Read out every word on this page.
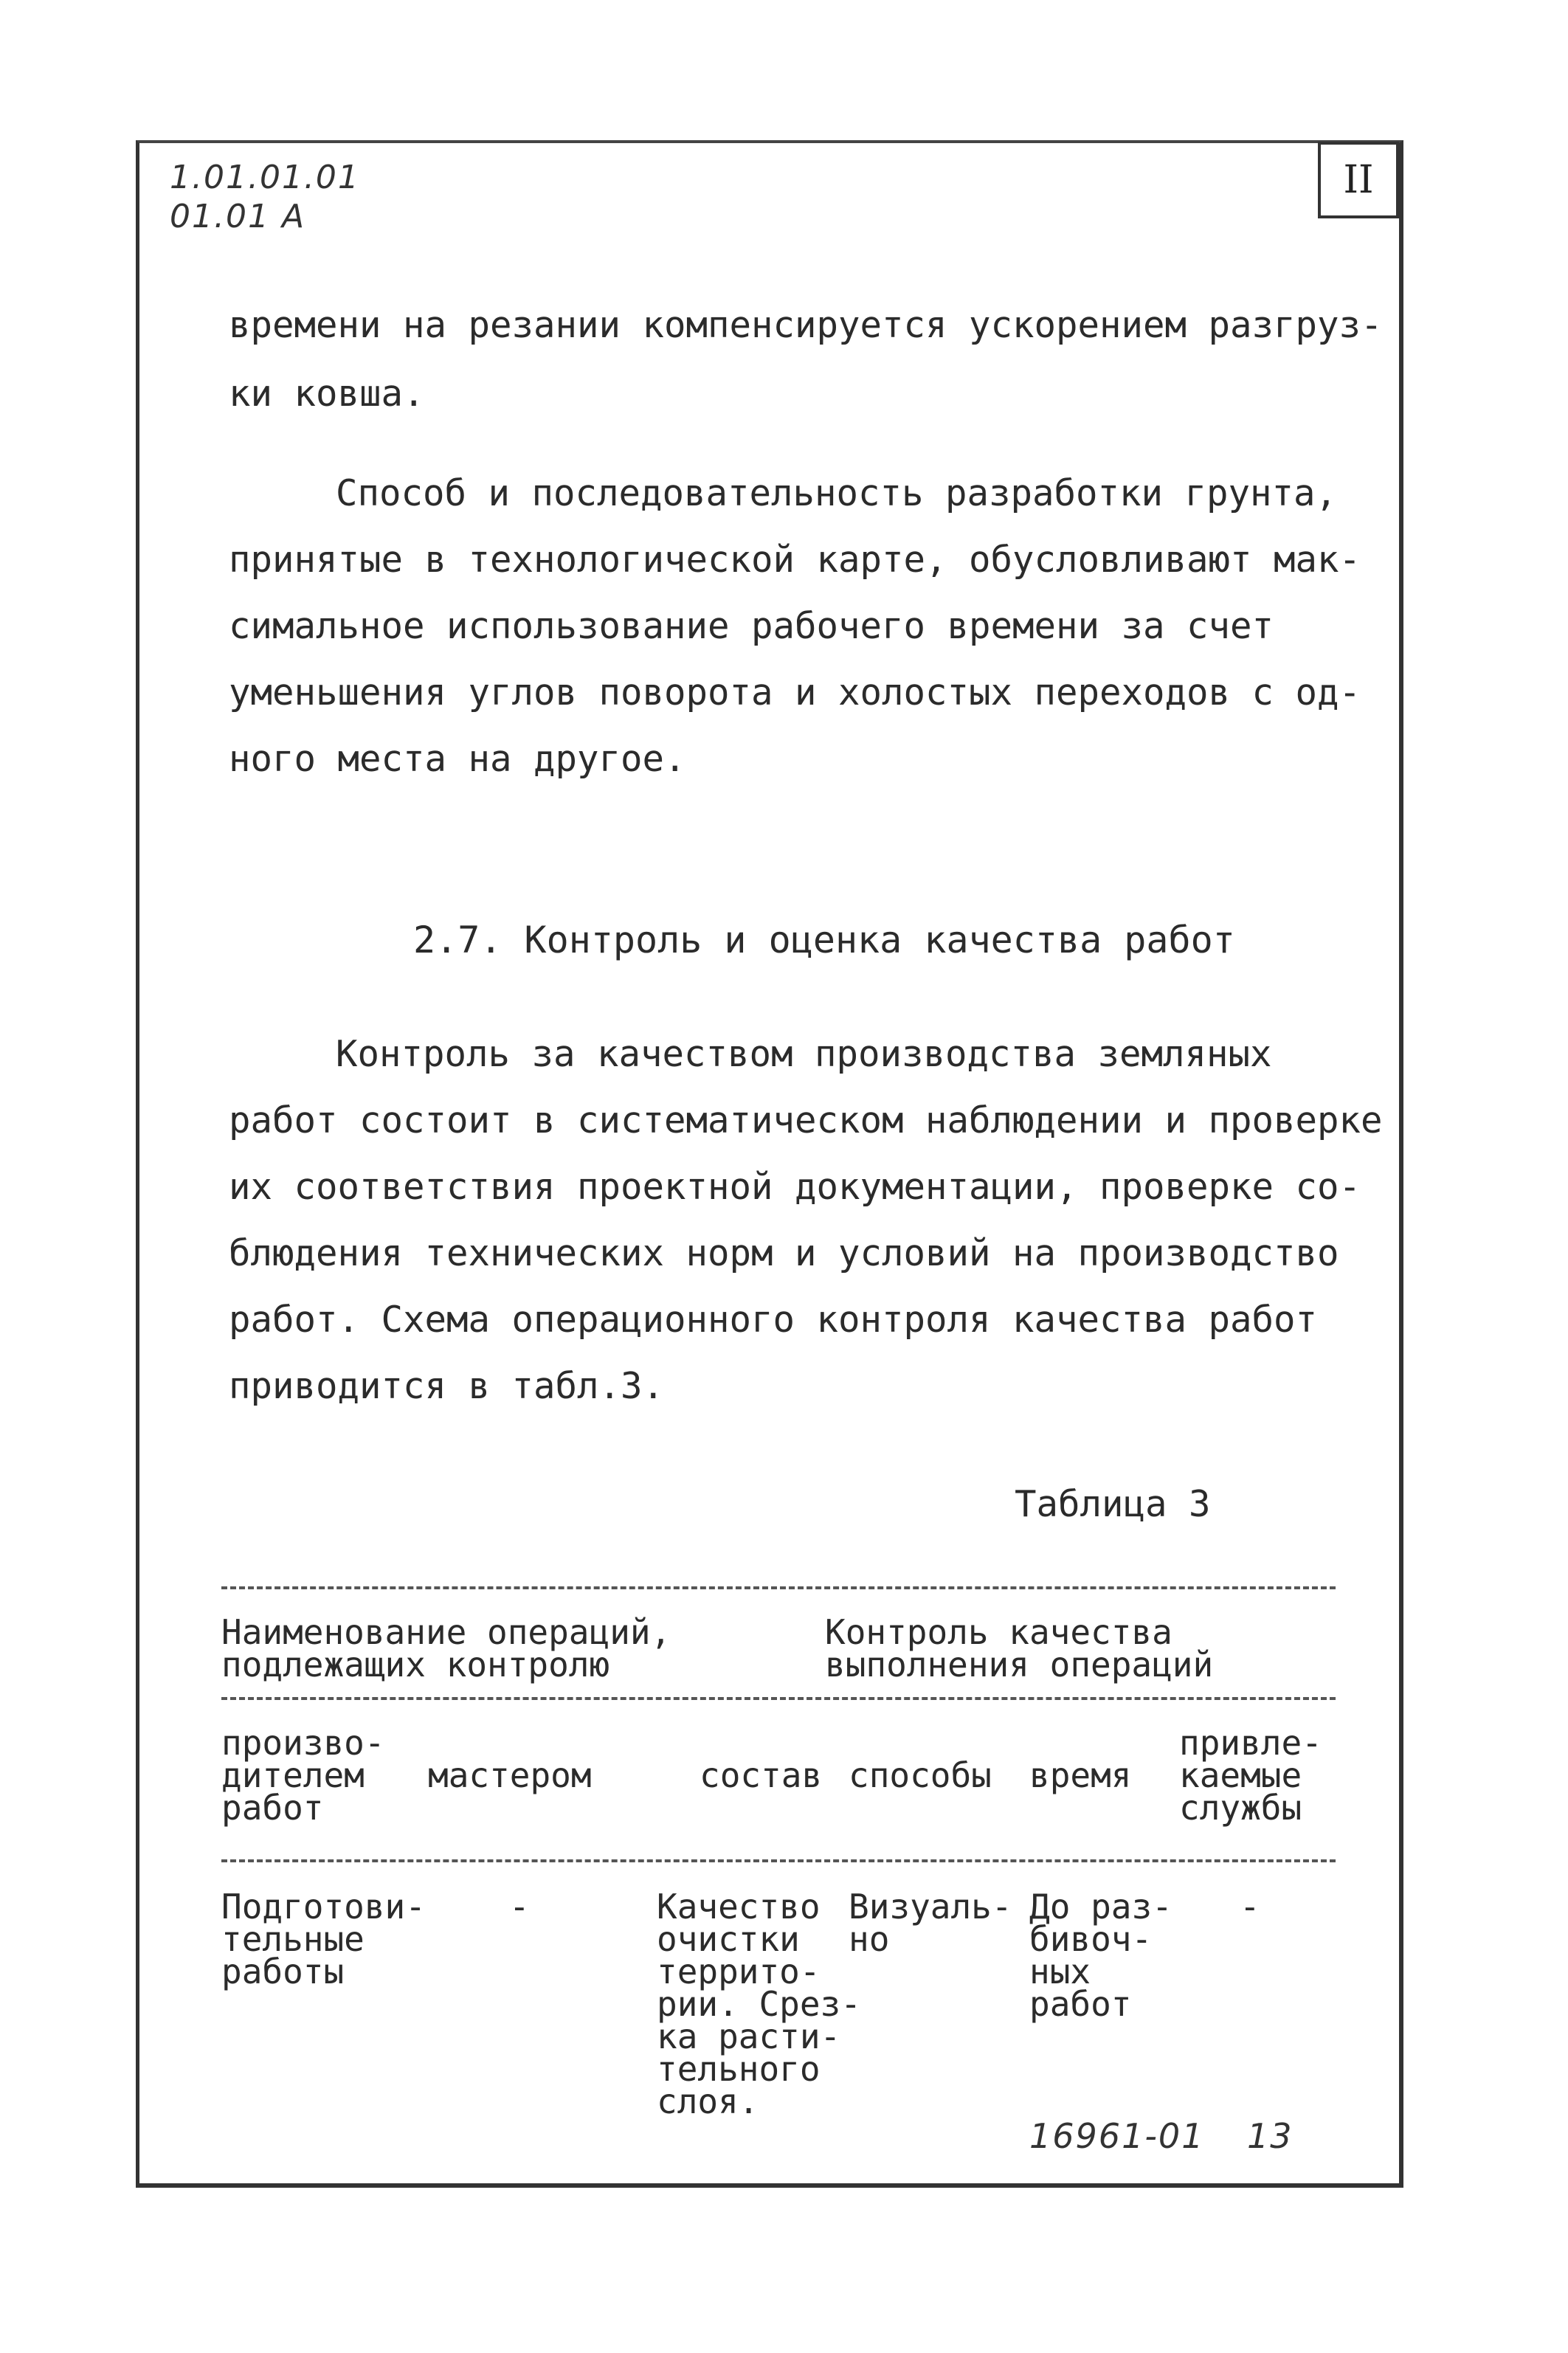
1.01.01.01
01.01 А
II
времени на резании компенсируется ускорением разгруз-
ки ковша.
Способ и последовательность разработки грунта,
принятые в технологической карте, обусловливают мак-
симальное использование рабочего времени за счет
уменьшения углов поворота и холостых переходов с од-
ного места на другое.
2.7. Контроль и оценка качества работ
Контроль за качеством производства земляных
работ состоит в систематическом наблюдении и проверке
их соответствия проектной документации, проверке со-
блюдения технических норм и условий на производство
работ. Схема операционного контроля качества работ
приводится в табл.3.
Таблица 3
Наименование операций,
подлежащих контролю
Контроль качества
выполнения операций
произво-
дителем
работ
мастером	состав способы время
привле-
каемые
службы
Подготови-
тельные
работы
-	Качество
очистки
террито-
рии. Срез-
ка расти-
тельного
слоя.
Визуаль-
но
До раз-
бивоч-
ных
работ
-
16961-01 13
